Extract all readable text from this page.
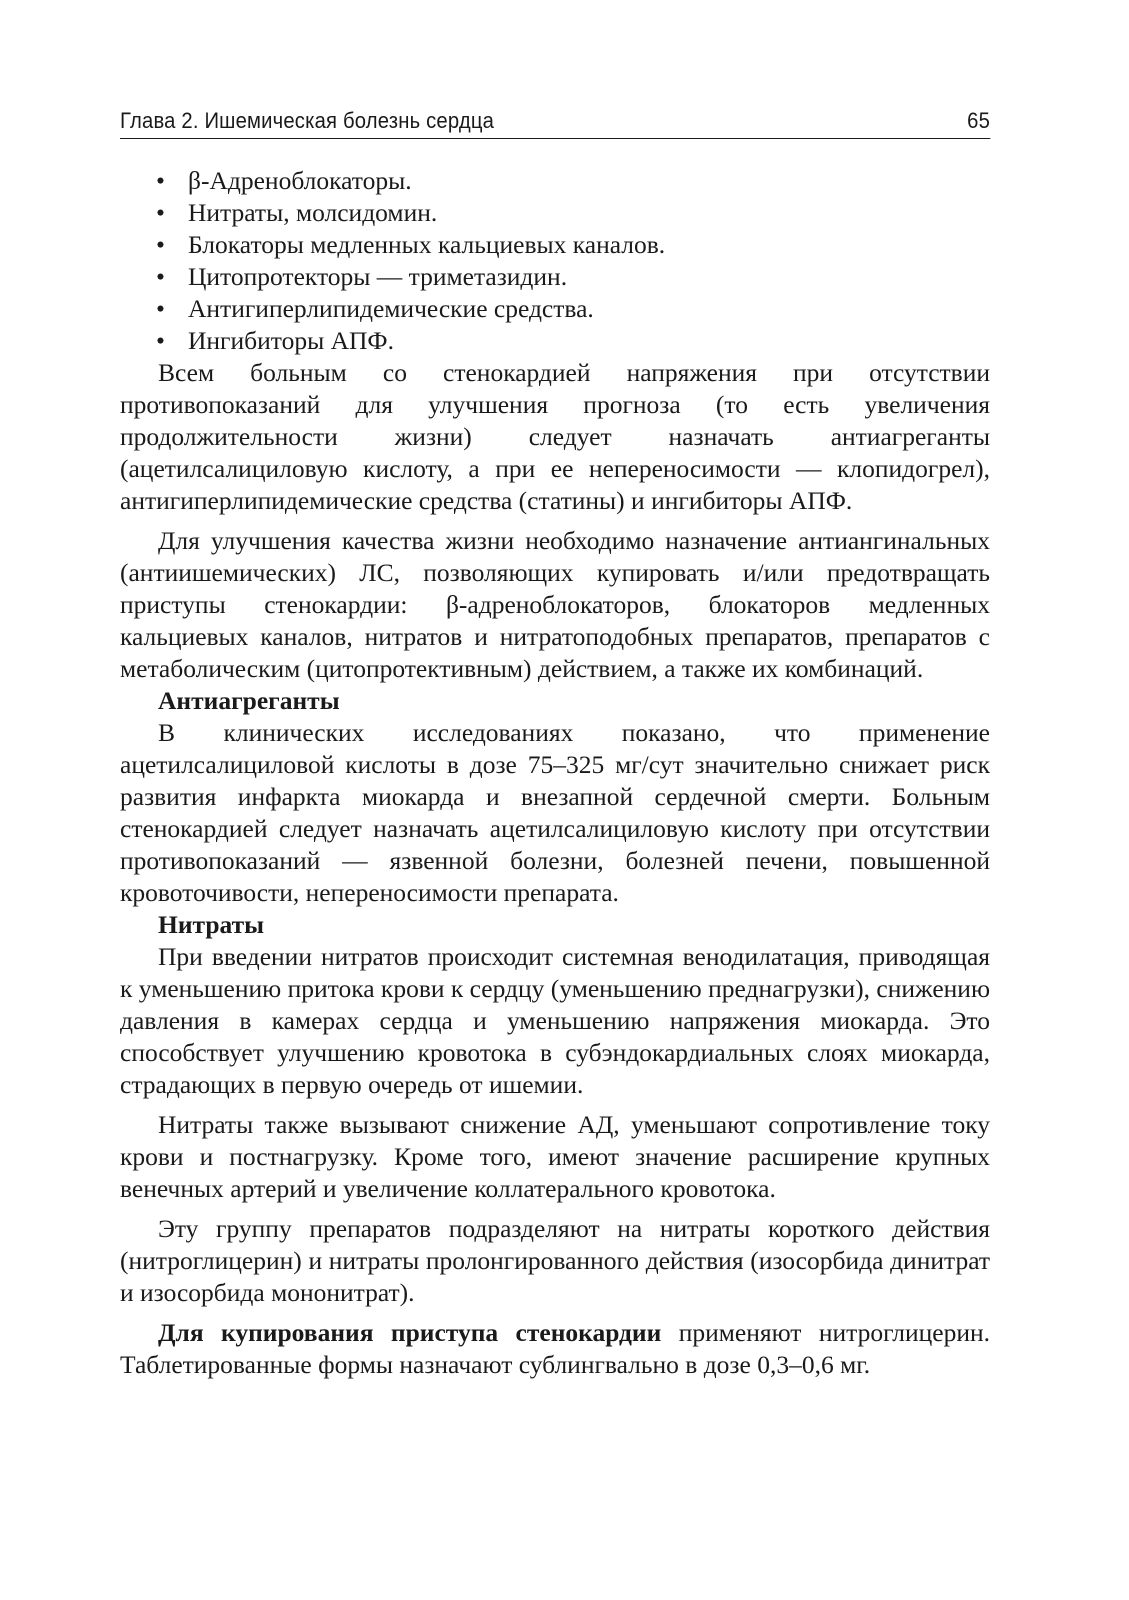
Глава 2. Ишемическая болезнь сердца	65
• β-Адреноблокаторы.
• Нитраты, молсидомин.
• Блокаторы медленных кальциевых каналов.
• Цитопротекторы — триметазидин.
• Антигиперлипидемические средства.
• Ингибиторы АПФ.

Всем больным со стенокардией напряжения при отсутствии противопоказаний для улучшения прогноза (то есть увеличения продолжительности жизни) следует назначать антиагреганты (ацетилсалициловую кислоту, а при ее непереносимости — клопидогрел), антигиперлипидемические средства (статины) и ингибиторы АПФ.

Для улучшения качества жизни необходимо назначение антиангинальных (антиишемических) ЛС, позволяющих купировать и/или предотвращать приступы стенокардии: β-адреноблокаторов, блокаторов медленных кальциевых каналов, нитратов и нитратоподобных препаратов, препаратов с метаболическим (цитопротективным) действием, а также их комбинаций.

Антиагреганты

В клинических исследованиях показано, что применение ацетилсалициловой кислоты в дозе 75–325 мг/сут значительно снижает риск развития инфаркта миокарда и внезапной сердечной смерти. Больным стенокардией следует назначать ацетилсалициловую кислоту при отсутствии противопоказаний — язвенной болезни, болезней печени, повышенной кровоточивости, непереносимости препарата.

Нитраты

При введении нитратов происходит системная венодилатация, приводящая к уменьшению притока крови к сердцу (уменьшению преднагрузки), снижению давления в камерах сердца и уменьшению напряжения миокарда. Это способствует улучшению кровотока в субэндокардиальных слоях миокарда, страдающих в первую очередь от ишемии.

Нитраты также вызывают снижение АД, уменьшают сопротивление току крови и постнагрузку. Кроме того, имеют значение расширение крупных венечных артерий и увеличение коллатерального кровотока.

Эту группу препаратов подразделяют на нитраты короткого действия (нитроглицерин) и нитраты пролонгированного действия (изосорбида динитрат и изосорбида мононитрат).

Для купирования приступа стенокардии применяют нитроглицерин. Таблетированные формы назначают сублингвально в дозе 0,3–0,6 мг.
